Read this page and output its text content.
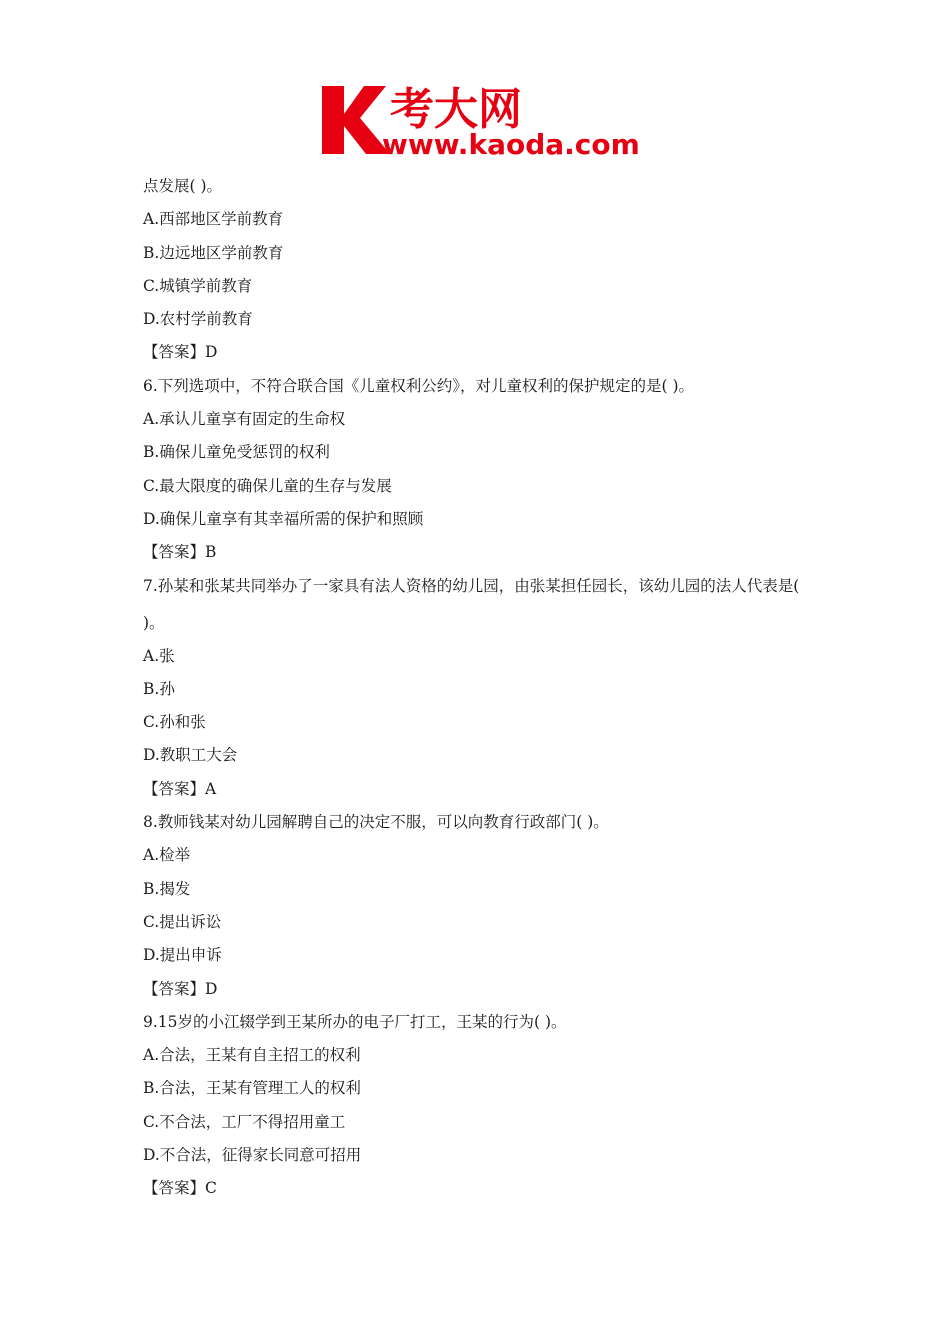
考大网
www.kaoda.com
点发展( )。
A.西部地区学前教育
B.边远地区学前教育
C.城镇学前教育
D.农村学前教育
【答案】D
6.下列选项中，不符合联合国《儿童权利公约》，对儿童权利的保护规定的是( )。
A.承认儿童享有固定的生命权
B.确保儿童免受惩罚的权利
C.最大限度的确保儿童的生存与发展
D.确保儿童享有其幸福所需的保护和照顾
【答案】B
7.孙某和张某共同举办了一家具有法人资格的幼儿园，由张某担任园长，该幼儿园的法人代表是( )。
A.张
B.孙
C.孙和张
D.教职工大会
【答案】A
8.教师钱某对幼儿园解聘自己的决定不服，可以向教育行政部门( )。
A.检举
B.揭发
C.提出诉讼
D.提出申诉
【答案】D
9.15岁的小江辍学到王某所办的电子厂打工，王某的行为( )。
A.合法，王某有自主招工的权利
B.合法，王某有管理工人的权利
C.不合法，工厂不得招用童工
D.不合法，征得家长同意可招用
【答案】C
